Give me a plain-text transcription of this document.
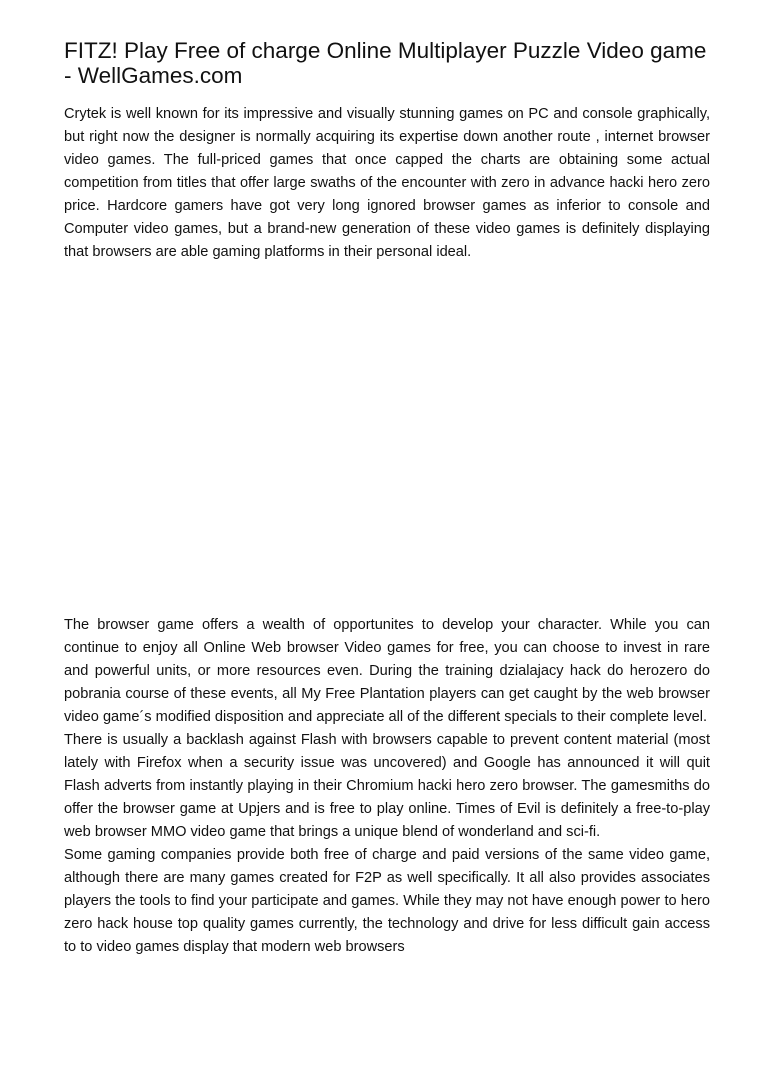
FITZ! Play Free of charge Online Multiplayer Puzzle Video game - WellGames.com

Crytek is well known for its impressive and visually stunning games on PC and console graphically, but right now the designer is normally acquiring its expertise down another route , internet browser video games. The full-priced games that once capped the charts are obtaining some actual competition from titles that offer large swaths of the encounter with zero in advance hacki hero zero price. Hardcore gamers have got very long ignored browser games as inferior to console and Computer video games, but a brand-new generation of these video games is definitely displaying that browsers are able gaming platforms in their personal ideal.

The browser game offers a wealth of opportunites to develop your character. While you can continue to enjoy all Online Web browser Video games for free, you can choose to invest in rare and powerful units, or more resources even. During the training dzialajacy hack do herozero do pobrania course of these events, all My Free Plantation players can get caught by the web browser video game´s modified disposition and appreciate all of the different specials to their complete level.

There is usually a backlash against Flash with browsers capable to prevent content material (most lately with Firefox when a security issue was uncovered) and Google has announced it will quit Flash adverts from instantly playing in their Chromium hacki hero zero browser. The gamesmiths do offer the browser game at Upjers and is free to play online. Times of Evil is definitely a free-to-play web browser MMO video game that brings a unique blend of wonderland and sci-fi.

Some gaming companies provide both free of charge and paid versions of the same video game, although there are many games created for F2P as well specifically. It all also provides associates players the tools to find your participate and games. While they may not have enough power to hero zero hack house top quality games currently, the technology and drive for less difficult gain access to to video games display that modern web browsers
